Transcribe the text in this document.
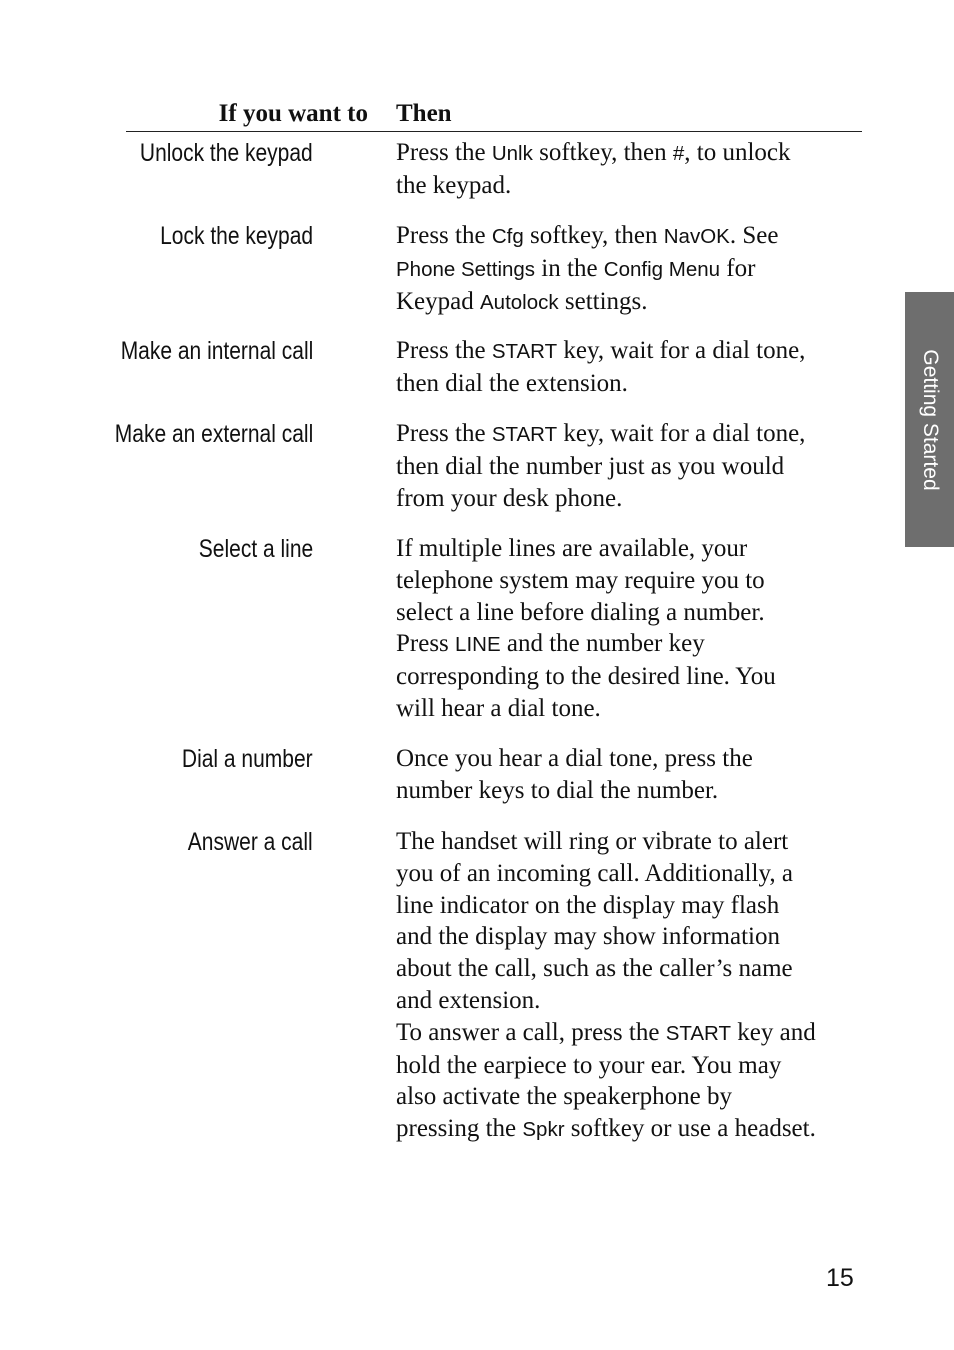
If you want to Then
Unlock the keypad	Press the Unlk softkey, then #, to unlock
the keypad.
Lock the keypad	Press the Cfg softkey, then NavOK. See
Phone Settings in the Config Menu for
Keypad Autolock settings.
Make an internal call	Press the START key, wait for a dial tone,
then dial the extension.
Make an external call	Press the START key, wait for a dial tone,
then dial the number just as you would
from your desk phone.
Select a line	If multiple lines are available, your
telephone system may require you to
select a line before dialing a number.
Press LINE and the number key
corresponding to the desired line. You
will hear a dial tone.
Dial a number	Once you hear a dial tone, press the
number keys to dial the number.
Answer a call	The handset will ring or vibrate to alert
you of an incoming call. Additionally, a
line indicator on the display may flash
and the display may show information
about the call, such as the caller’s name
and extension.
To answer a call, press the START key and
hold the earpiece to your ear. You may
also activate the speakerphone by
pressing the Spkr softkey or use a headset.
Getting Started
15
